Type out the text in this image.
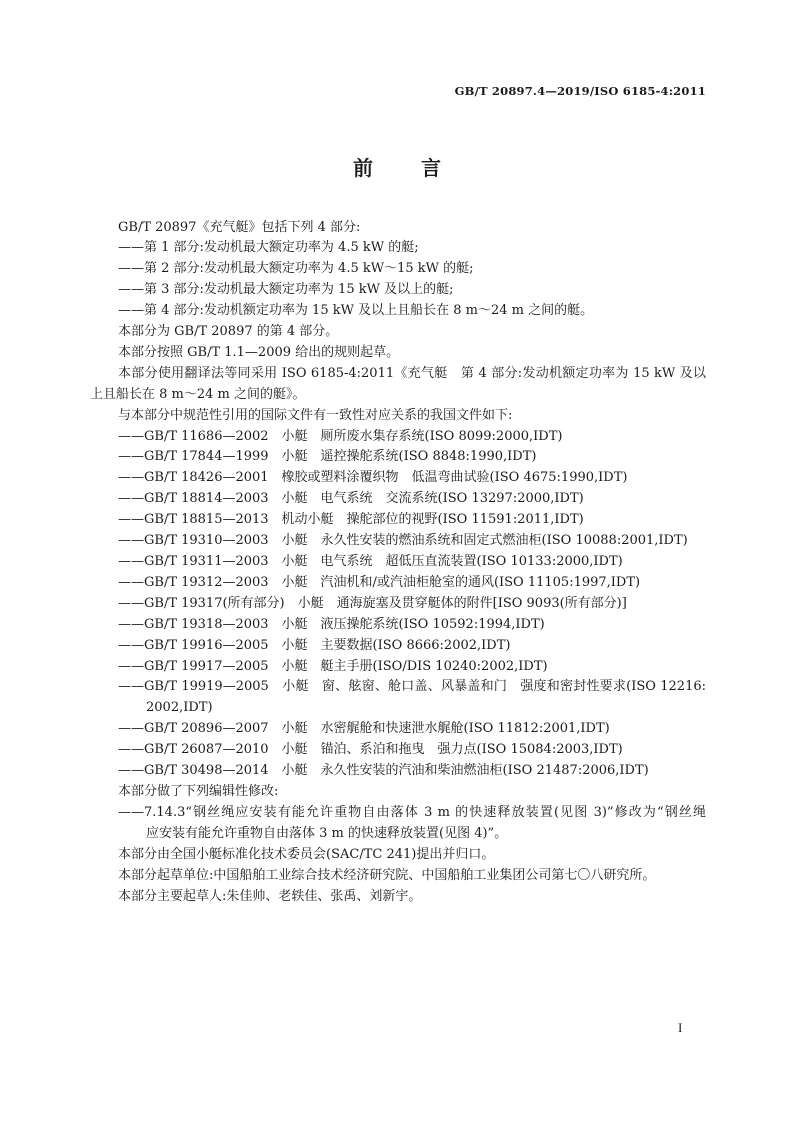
GB/T 20897.4—2019/ISO 6185-4:2011
前　言
GB/T 20897《充气艇》包括下列 4 部分:
——第 1 部分:发动机最大额定功率为 4.5 kW 的艇;
——第 2 部分:发动机最大额定功率为 4.5 kW～15 kW 的艇;
——第 3 部分:发动机最大额定功率为 15 kW 及以上的艇;
——第 4 部分:发动机额定功率为 15 kW 及以上且船长在 8 m～24 m 之间的艇。
本部分为 GB/T 20897 的第 4 部分。
本部分按照 GB/T 1.1—2009 给出的规则起草。
本部分使用翻译法等同采用 ISO 6185-4:2011《充气艇　第 4 部分:发动机额定功率为 15 kW 及以
上且船长在 8 m～24 m 之间的艇》。
与本部分中规范性引用的国际文件有一致性对应关系的我国文件如下:
——GB/T 11686—2002　小艇　厕所废水集存系统(ISO 8099:2000,IDT)
——GB/T 17844—1999　小艇　遥控操舵系统(ISO 8848:1990,IDT)
——GB/T 18426—2001　橡胶或塑料涂覆织物　低温弯曲试验(ISO 4675:1990,IDT)
——GB/T 18814—2003　小艇　电气系统　交流系统(ISO 13297:2000,IDT)
——GB/T 18815—2013　机动小艇　操舵部位的视野(ISO 11591:2011,IDT)
——GB/T 19310—2003　小艇　永久性安装的燃油系统和固定式燃油柜(ISO 10088:2001,IDT)
——GB/T 19311—2003　小艇　电气系统　超低压直流装置(ISO 10133:2000,IDT)
——GB/T 19312—2003　小艇　汽油机和/或汽油柜舱室的通风(ISO 11105:1997,IDT)
——GB/T 19317(所有部分)　小艇　通海旋塞及贯穿艇体的附件[ISO 9093(所有部分)]
——GB/T 19318—2003　小艇　液压操舵系统(ISO 10592:1994,IDT)
——GB/T 19916—2005　小艇　主要数据(ISO 8666:2002,IDT)
——GB/T 19917—2005　小艇　艇主手册(ISO/DIS 10240:2002,IDT)
——GB/T 19919—2005　小艇　窗、舷窗、舱口盖、风暴盖和门　强度和密封性要求(ISO 12216:
2002,IDT)
——GB/T 20896—2007　小艇　水密艉舱和快速泄水艉舱(ISO 11812:2001,IDT)
——GB/T 26087—2010　小艇　锚泊、系泊和拖曳　强力点(ISO 15084:2003,IDT)
——GB/T 30498—2014　小艇　永久性安装的汽油和柴油燃油柜(ISO 21487:2006,IDT)
本部分做了下列编辑性修改:
——7.14.3“钢丝绳应安装有能允许重物自由落体 3 m 的快速释放装置(见图 3)”修改为“钢丝绳
应安装有能允许重物自由落体 3 m 的快速释放装置(见图 4)”。
本部分由全国小艇标准化技术委员会(SAC/TC 241)提出并归口。
本部分起草单位:中国船舶工业综合技术经济研究院、中国船舶工业集团公司第七〇八研究所。
本部分主要起草人:朱佳帅、老轶佳、张禹、刘新宇。
I
